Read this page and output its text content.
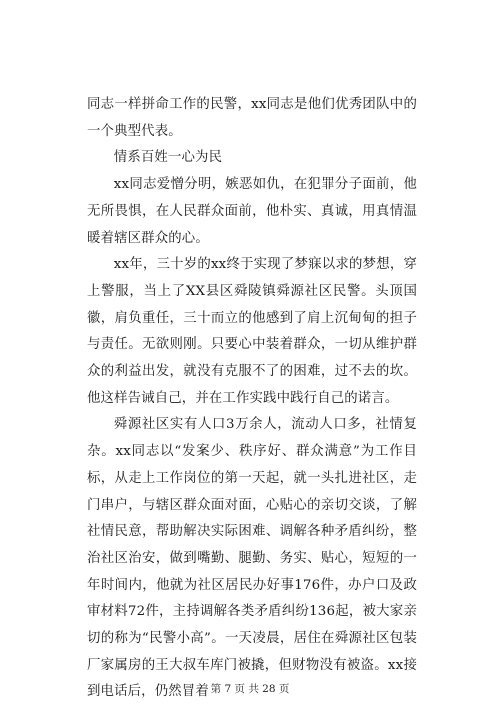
同志一样拼命工作的民警，xx同志是他们优秀团队中的一个典型代表。

情系百姓一心为民

xx同志爱憎分明，嫉恶如仇，在犯罪分子面前，他无所畏惧，在人民群众面前，他朴实、真诚，用真情温暖着辖区群众的心。

xx年，三十岁的xx终于实现了梦寐以求的梦想，穿上警服，当上了XX县区舜陵镇舜源社区民警。头顶国徽，肩负重任，三十而立的他感到了肩上沉甸甸的担子与责任。无欲则刚。只要心中装着群众，一切从维护群众的利益出发，就没有克服不了的困难，过不去的坎。他这样告诫自己，并在工作实践中践行自己的诺言。

舜源社区实有人口3万余人，流动人口多，社情复杂。xx同志以“发案少、秩序好、群众满意”为工作目标，从走上工作岗位的第一天起，就一头扎进社区，走门串户，与辖区群众面对面，心贴心的亲切交谈，了解社情民意，帮助解决实际困难、调解各种矛盾纠纷，整治社区治安，做到嘴勤、腿勤、务实、贴心，短短的一年时间内，他就为社区居民办好事176件，办户口及政审材料72件，主持调解各类矛盾纠纷136起，被大家亲切的称为“民警小高”。一天凌晨，居住在舜源社区包装厂家属房的王大叔车库门被撬，但财物没有被盗。xx接到电话后，仍然冒着 第 7 页 共 28 页
